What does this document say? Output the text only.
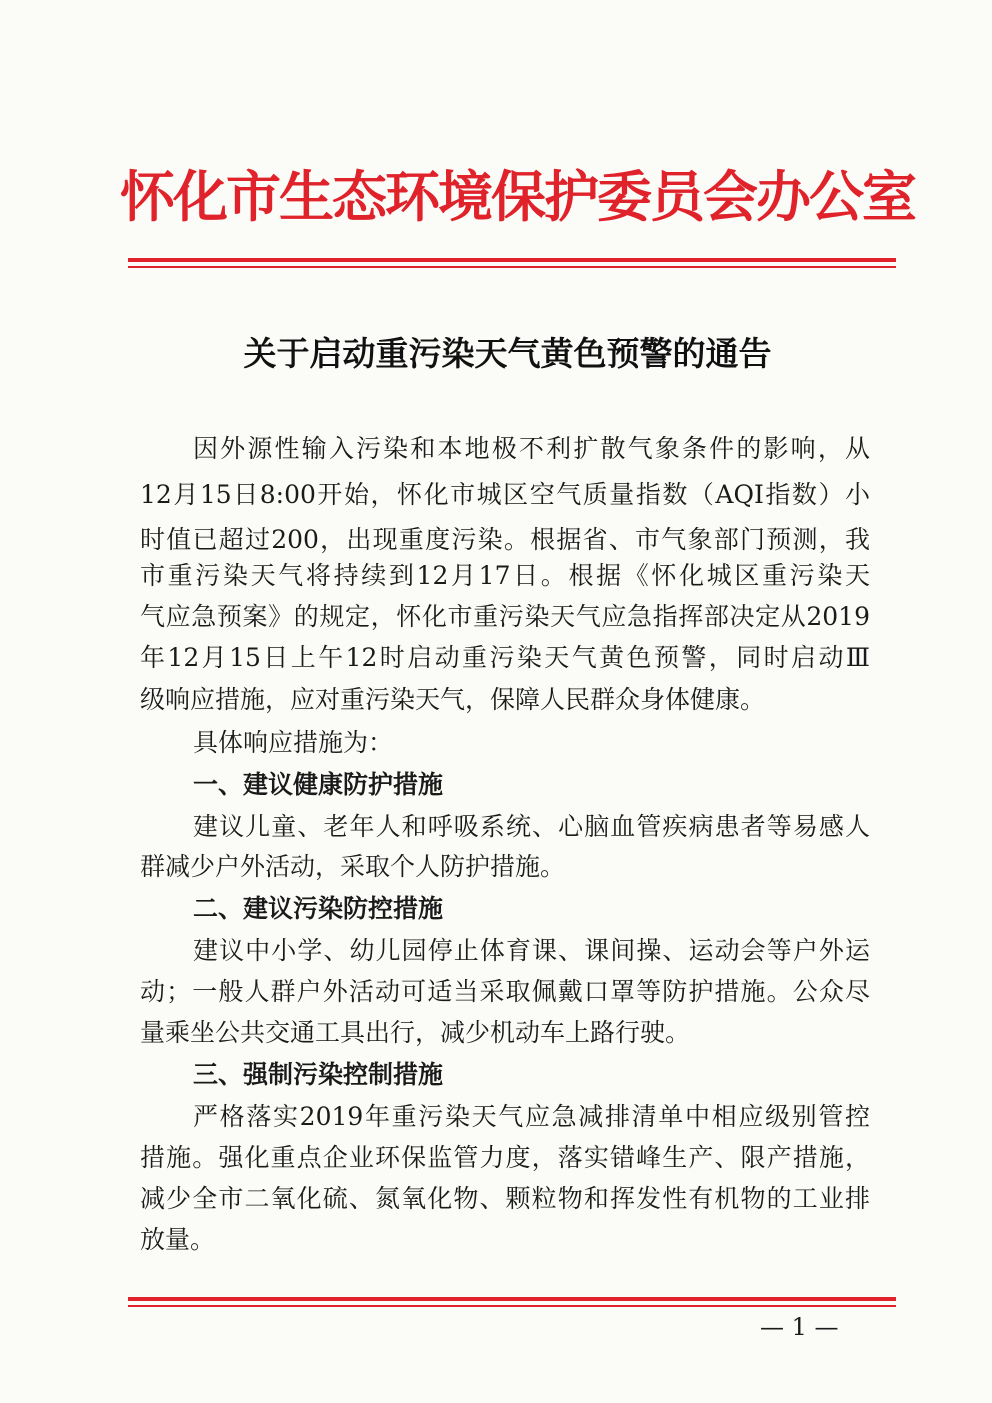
怀化市生态环境保护委员会办公室
关于启动重污染天气黄色预警的通告
因外源性输入污染和本地极不利扩散气象条件的影响，从
12月15日8:00开始，怀化市城区空气质量指数（AQI指数）小
时值已超过200，出现重度污染。根据省、市气象部门预测，我
市重污染天气将持续到12月17日。根据《怀化城区重污染天
气应急预案》的规定，怀化市重污染天气应急指挥部决定从2019
年12月15日上午12时启动重污染天气黄色预警，同时启动Ⅲ
级响应措施，应对重污染天气，保障人民群众身体健康。
具体响应措施为：
一、建议健康防护措施
建议儿童、老年人和呼吸系统、心脑血管疾病患者等易感人
群减少户外活动，采取个人防护措施。
二、建议污染防控措施
建议中小学、幼儿园停止体育课、课间操、运动会等户外运
动；一般人群户外活动可适当采取佩戴口罩等防护措施。公众尽
量乘坐公共交通工具出行，减少机动车上路行驶。
三、强制污染控制措施
严格落实2019年重污染天气应急减排清单中相应级别管控
措施。强化重点企业环保监管力度，落实错峰生产、限产措施，
减少全市二氧化硫、氮氧化物、颗粒物和挥发性有机物的工业排
放量。
— 1 —
